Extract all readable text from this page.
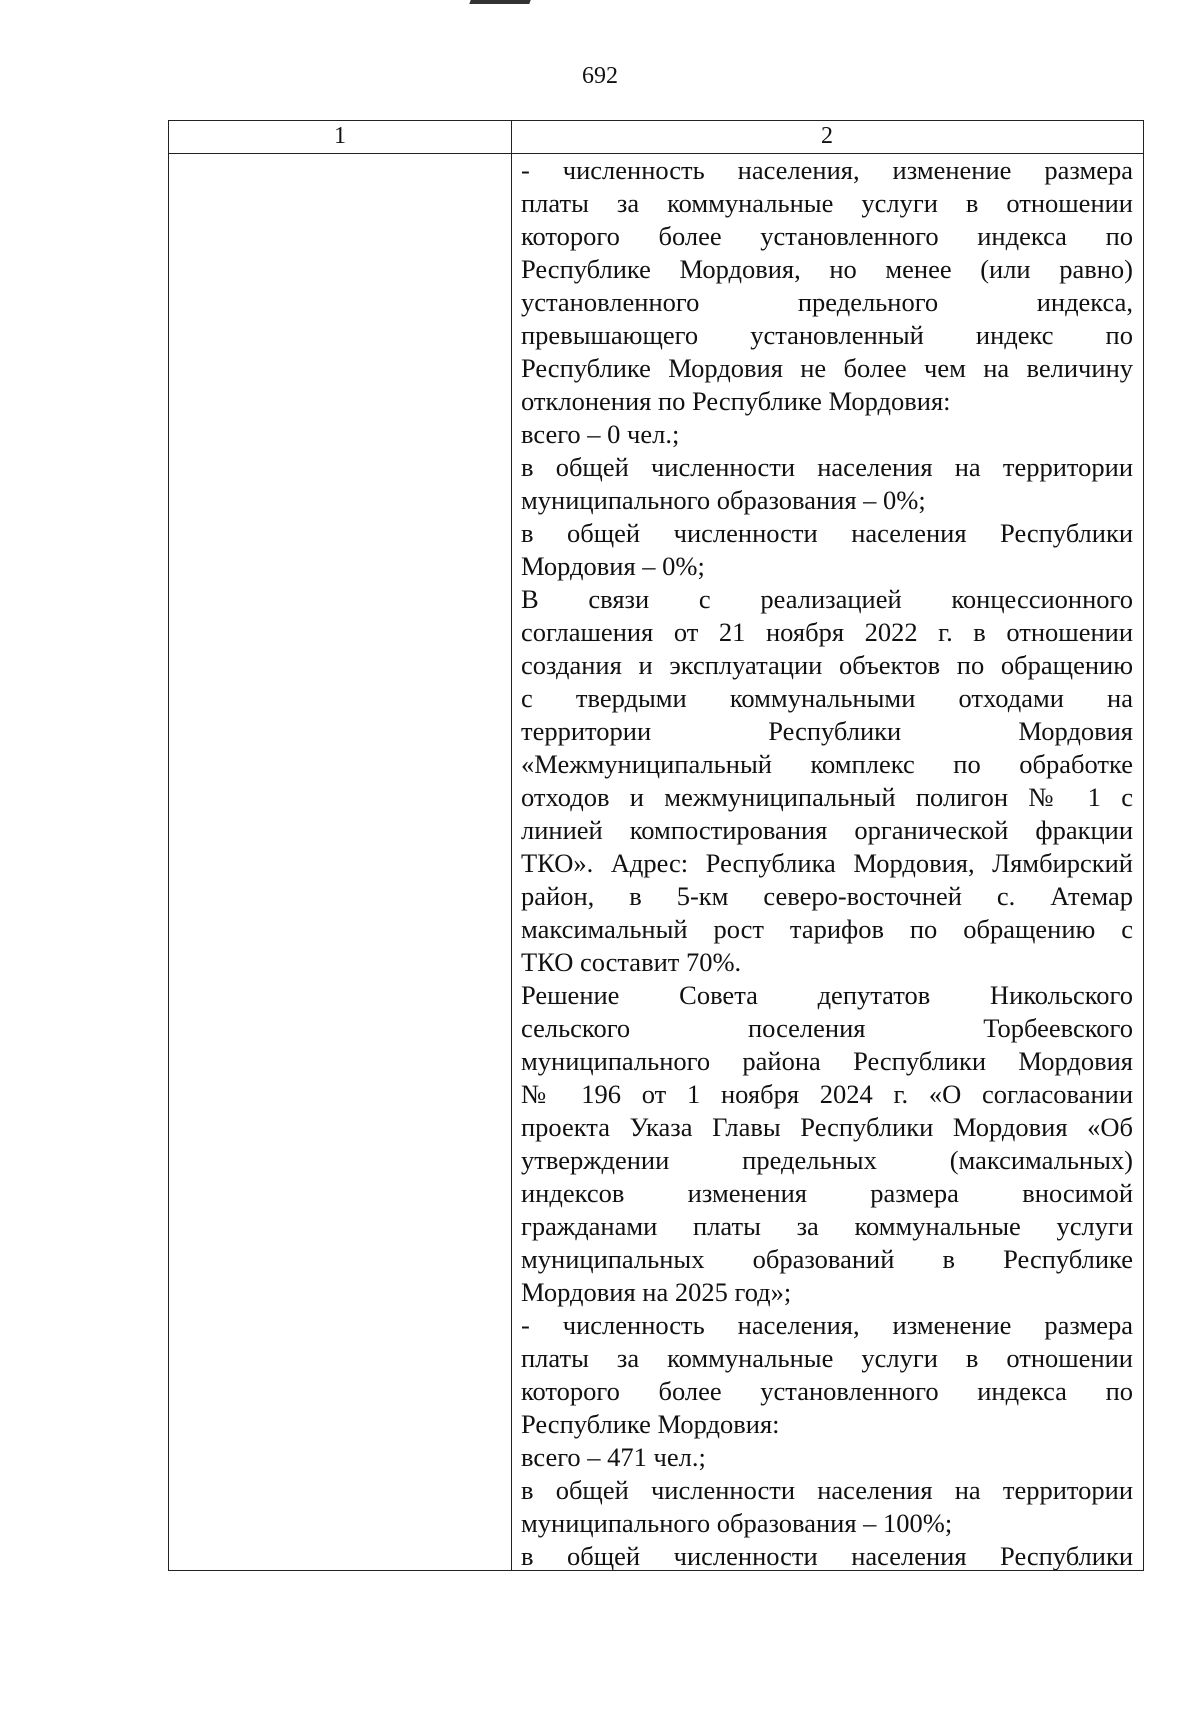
692
1	2
- численность населения, изменение размера
платы за коммунальные услуги в отношении
которого более установленного индекса по
Республике Мордовия, но менее (или равно)
установленного предельного индекса,
превышающего установленный индекс по
Республике Мордовия не более чем на величину
отклонения по Республике Мордовия:
всего – 0 чел.;
в общей численности населения на территории
муниципального образования – 0%;
в общей численности населения Республики
Мордовия – 0%;
В связи с реализацией концессионного
соглашения от 21 ноября 2022 г. в отношении
создания и эксплуатации объектов по обращению
с твердыми коммунальными отходами на
территории Республики Мордовия
«Межмуниципальный комплекс по обработке
отходов и межмуниципальный полигон № 1 с
линией компостирования органической фракции
ТКО». Адрес: Республика Мордовия, Лямбирский
район, в 5-км северо-восточней с. Атемар
максимальный рост тарифов по обращению с
ТКО составит 70%.
Решение Совета депутатов Никольского
сельского поселения Торбеевского
муниципального района Республики Мордовия
№ 196 от 1 ноября 2024 г. «О согласовании
проекта Указа Главы Республики Мордовия «Об
утверждении предельных (максимальных)
индексов изменения размера вносимой
гражданами платы за коммунальные услуги
муниципальных образований в Республике
Мордовия на 2025 год»;
- численность населения, изменение размера
платы за коммунальные услуги в отношении
которого более установленного индекса по
Республике Мордовия:
всего – 471 чел.;
в общей численности населения на территории
муниципального образования – 100%;
в общей численности населения Республики
